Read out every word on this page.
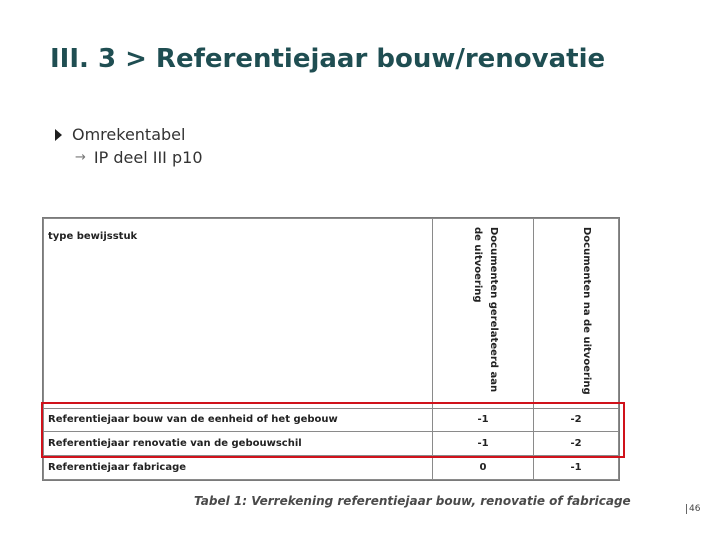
III. 3 > Referentiejaar bouw/renovatie
Omrekentabel
→ IP deel III p10
type bewijsstuk	Documenten gerelateerd aan de uitvoering	Documenten na de uitvoering

Referentiejaar bouw van de eenheid of het gebouw	-1	-2
Referentiejaar renovatie van de gebouwschil	-1	-2
Referentiejaar fabricage	0	-1
Tabel 1: Verrekening referentiejaar bouw, renovatie of fabricage
46
